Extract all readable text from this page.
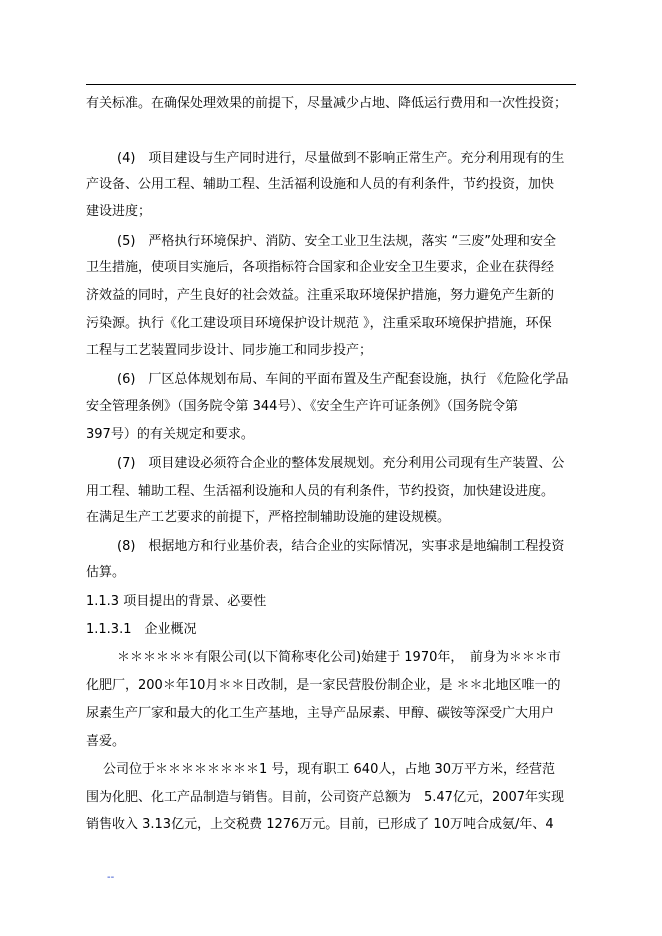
有关标准。在确保处理效果的前提下，尽量减少占地、降低运行费用和一次性投资；
(4)　项目建设与生产同时进行，尽量做到不影响正常生产。充分利用现有的生
产设备、公用工程、辅助工程、生活福利设施和人员的有利条件，节约投资，加快
建设进度；
(5)　严格执行环境保护、消防、安全工业卫生法规，落实 “三废”处理和安全
卫生措施，使项目实施后，各项指标符合国家和企业安全卫生要求，企业在获得经
济效益的同时，产生良好的社会效益。注重采取环境保护措施，努力避免产生新的
污染源。执行《化工建设项目环境保护设计规范 》，注重采取环境保护措施，环保
工程与工艺装置同步设计、同步施工和同步投产；
(6)　厂区总体规划布局、车间的平面布置及生产配套设施，执行 《危险化学品
安全管理条例》（国务院令第 344号）、《安全生产许可证条例》（国务院令第
397号）的有关规定和要求。
(7)　项目建设必须符合企业的整体发展规划。充分利用公司现有生产装置、公
用工程、辅助工程、生活福利设施和人员的有利条件，节约投资，加快建设进度。
在满足生产工艺要求的前提下，严格控制辅助设施的建设规模。
(8)　根据地方和行业基价表，结合企业的实际情况，实事求是地编制工程投资
估算。
1.1.3 项目提出的背景、必要性
1.1.3.1　企业概况
＊＊＊＊＊＊有限公司(以下简称枣化公司)始建于 1970年，　前身为＊＊＊市
化肥厂，200＊年10月＊＊日改制，是一家民营股份制企业，是 ＊＊北地区唯一的
尿素生产厂家和最大的化工生产基地，主导产品尿素、甲醇、碳铵等深受广大用户
喜爱。
公司位于＊＊＊＊＊＊＊＊1 号，现有职工 640人，占地 30万平方米，经营范
围为化肥、化工产品制造与销售。目前，公司资产总额为　5.47亿元，2007年实现
销售收入 3.13亿元，上交税费 1276万元。目前，已形成了 10万吨合成氨/年、4
--
